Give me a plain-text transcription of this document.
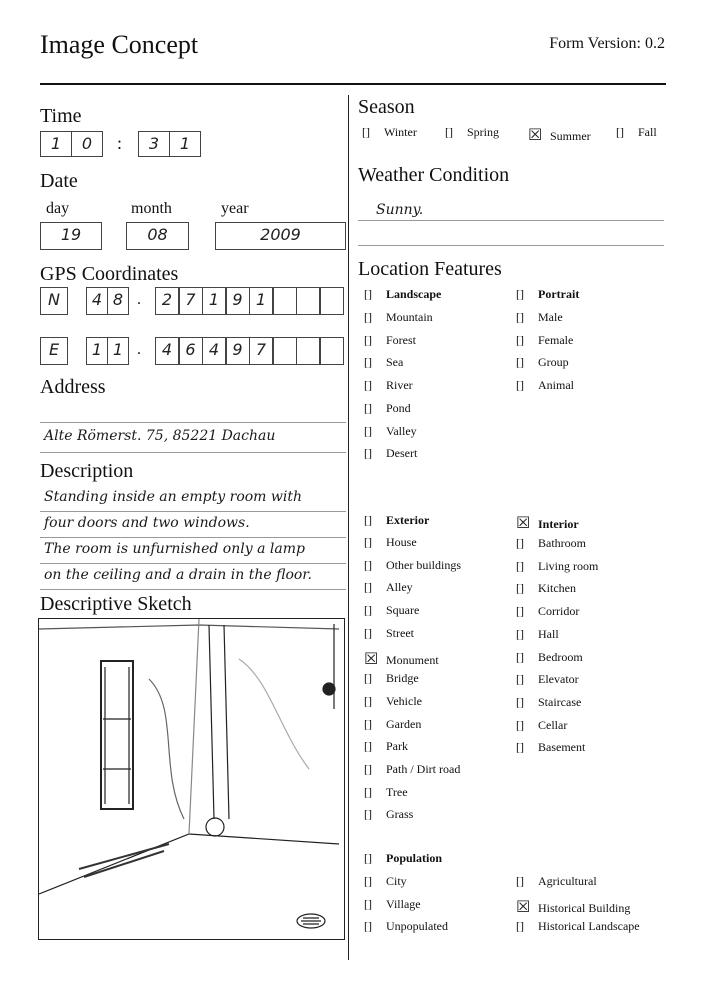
Image Concept	Form Version: 0.2
Time
1	0	:	3	1
Date
day	month	year
19	08	2009
GPS Coordinates
N	4 8 .	2 7 1 9 1
E	1 1 .	4 6 4 9 7
Address
Alte Römerst. 75, 85221 Dachau
Description
Standing inside an empty room with
four doors and two windows.
The room is unfurnished only a lamp
on the ceiling and a drain in the floor.
Descriptive Sketch
Season
[] Winter [] Spring ☒ Summer [] Fall
Weather Condition
Sunny.
Location Features
[] Landscape
[] Mountain
[] Forest
[] Sea
[] River
[] Pond
[] Valley
[] Desert
[] Portrait
[] Male
[] Female
[] Group
[] Animal
[] Exterior
[] House
[] Other buildings
[] Alley
[] Square
[] Street
☒ Monument
[] Bridge
[] Vehicle
[] Garden
[] Park
[] Path / Dirt road
[] Tree
[] Grass
☒ Interior
[] Bathroom
[] Living room
[] Kitchen
[] Corridor
[] Hall
[] Bedroom
[] Elevator
[] Staircase
[] Cellar
[] Basement
[] Population
[] City
[] Village
[] Unpopulated
[] Agricultural
☒ Historical Building
[] Historical Landscape
